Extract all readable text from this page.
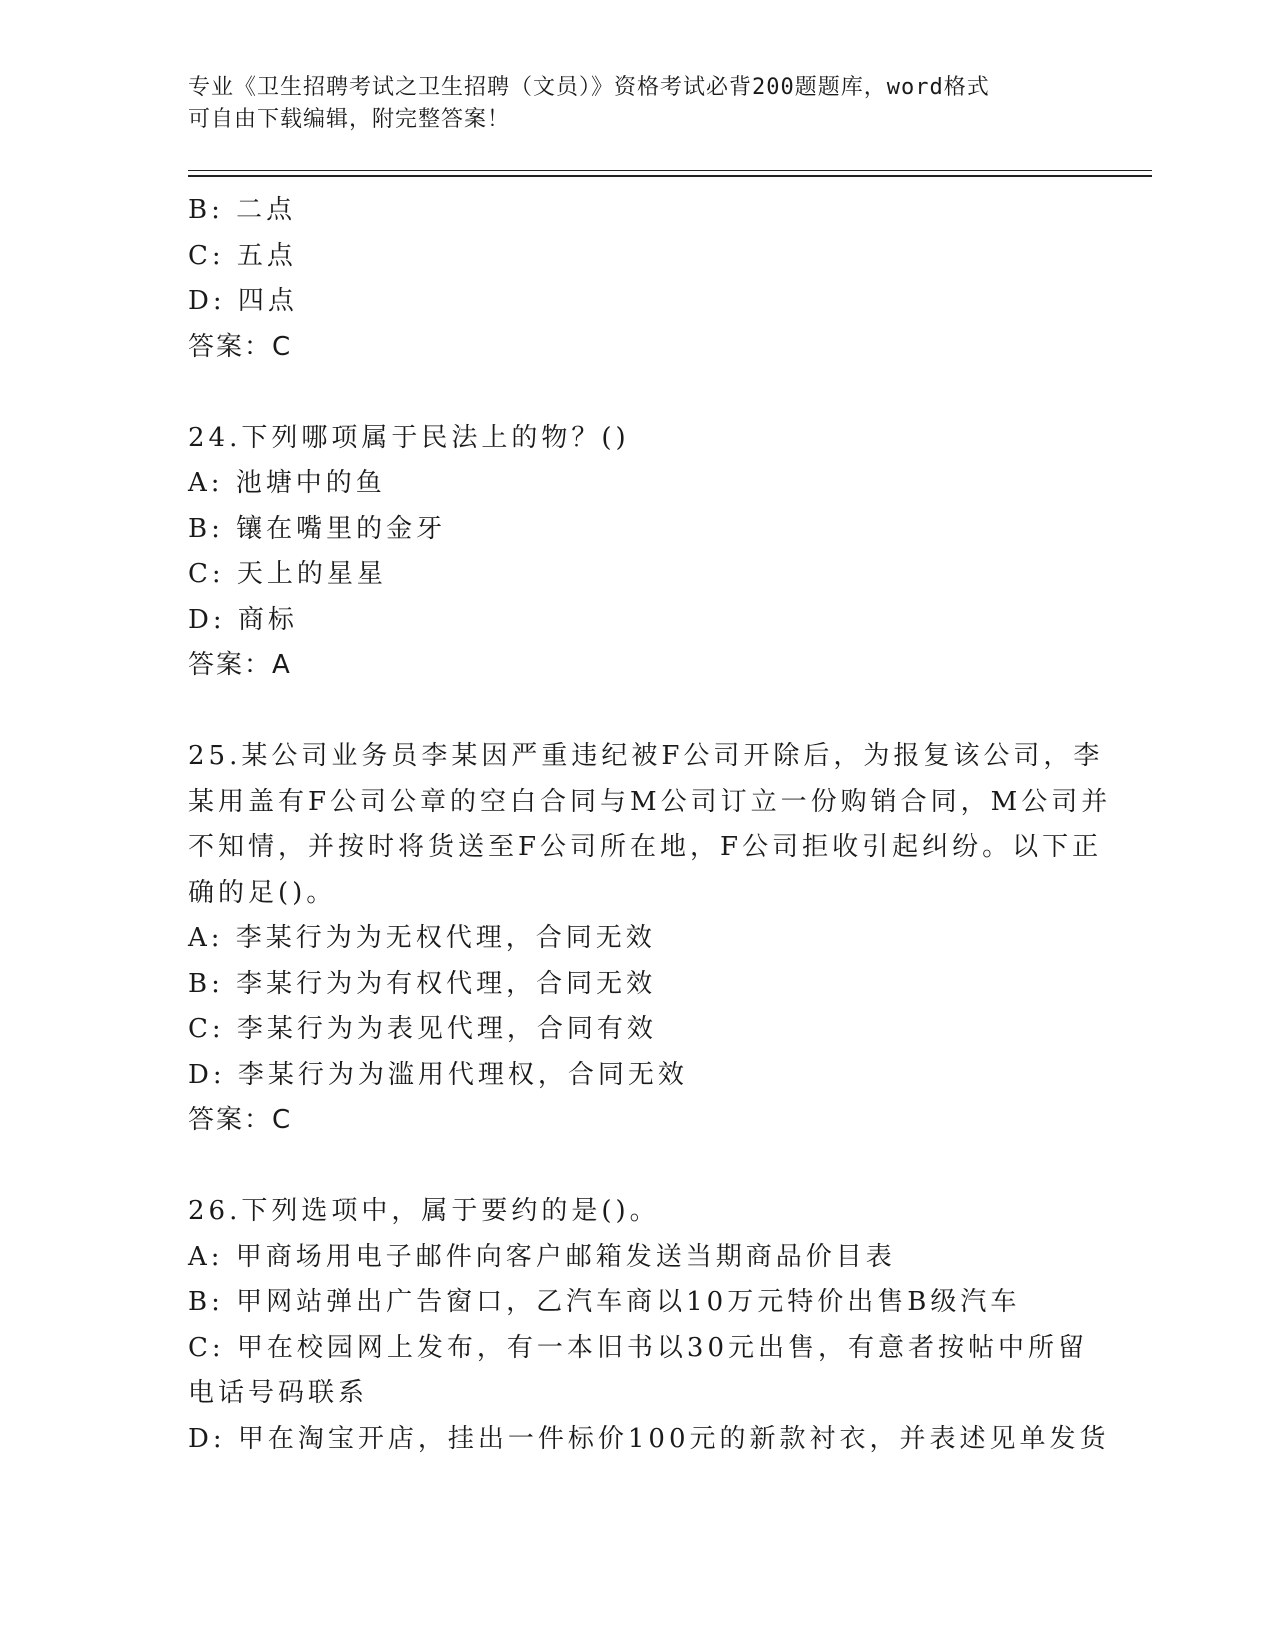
专业《卫生招聘考试之卫生招聘（文员）》资格考试必背200题题库，word格式
可自由下载编辑，附完整答案！
B: 二点
C: 五点
D: 四点
答案：C
24.下列哪项属于民法上的物？()
A: 池塘中的鱼
B: 镶在嘴里的金牙
C: 天上的星星
D: 商标
答案：A
25.某公司业务员李某因严重违纪被F公司开除后，为报复该公司，李
某用盖有F公司公章的空白合同与M公司订立一份购销合同，M公司并
不知情，并按时将货送至F公司所在地，F公司拒收引起纠纷。以下正
确的足()。
A: 李某行为为无权代理，合同无效
B: 李某行为为有权代理，合同无效
C: 李某行为为表见代理，合同有效
D: 李某行为为滥用代理权，合同无效
答案：C
26.下列选项中，属于要约的是()。
A: 甲商场用电子邮件向客户邮箱发送当期商品价目表
B: 甲网站弹出广告窗口，乙汽车商以10万元特价出售B级汽车
C: 甲在校园网上发布，有一本旧书以30元出售，有意者按帖中所留
电话号码联系
D: 甲在淘宝开店，挂出一件标价100元的新款衬衣，并表述见单发货
